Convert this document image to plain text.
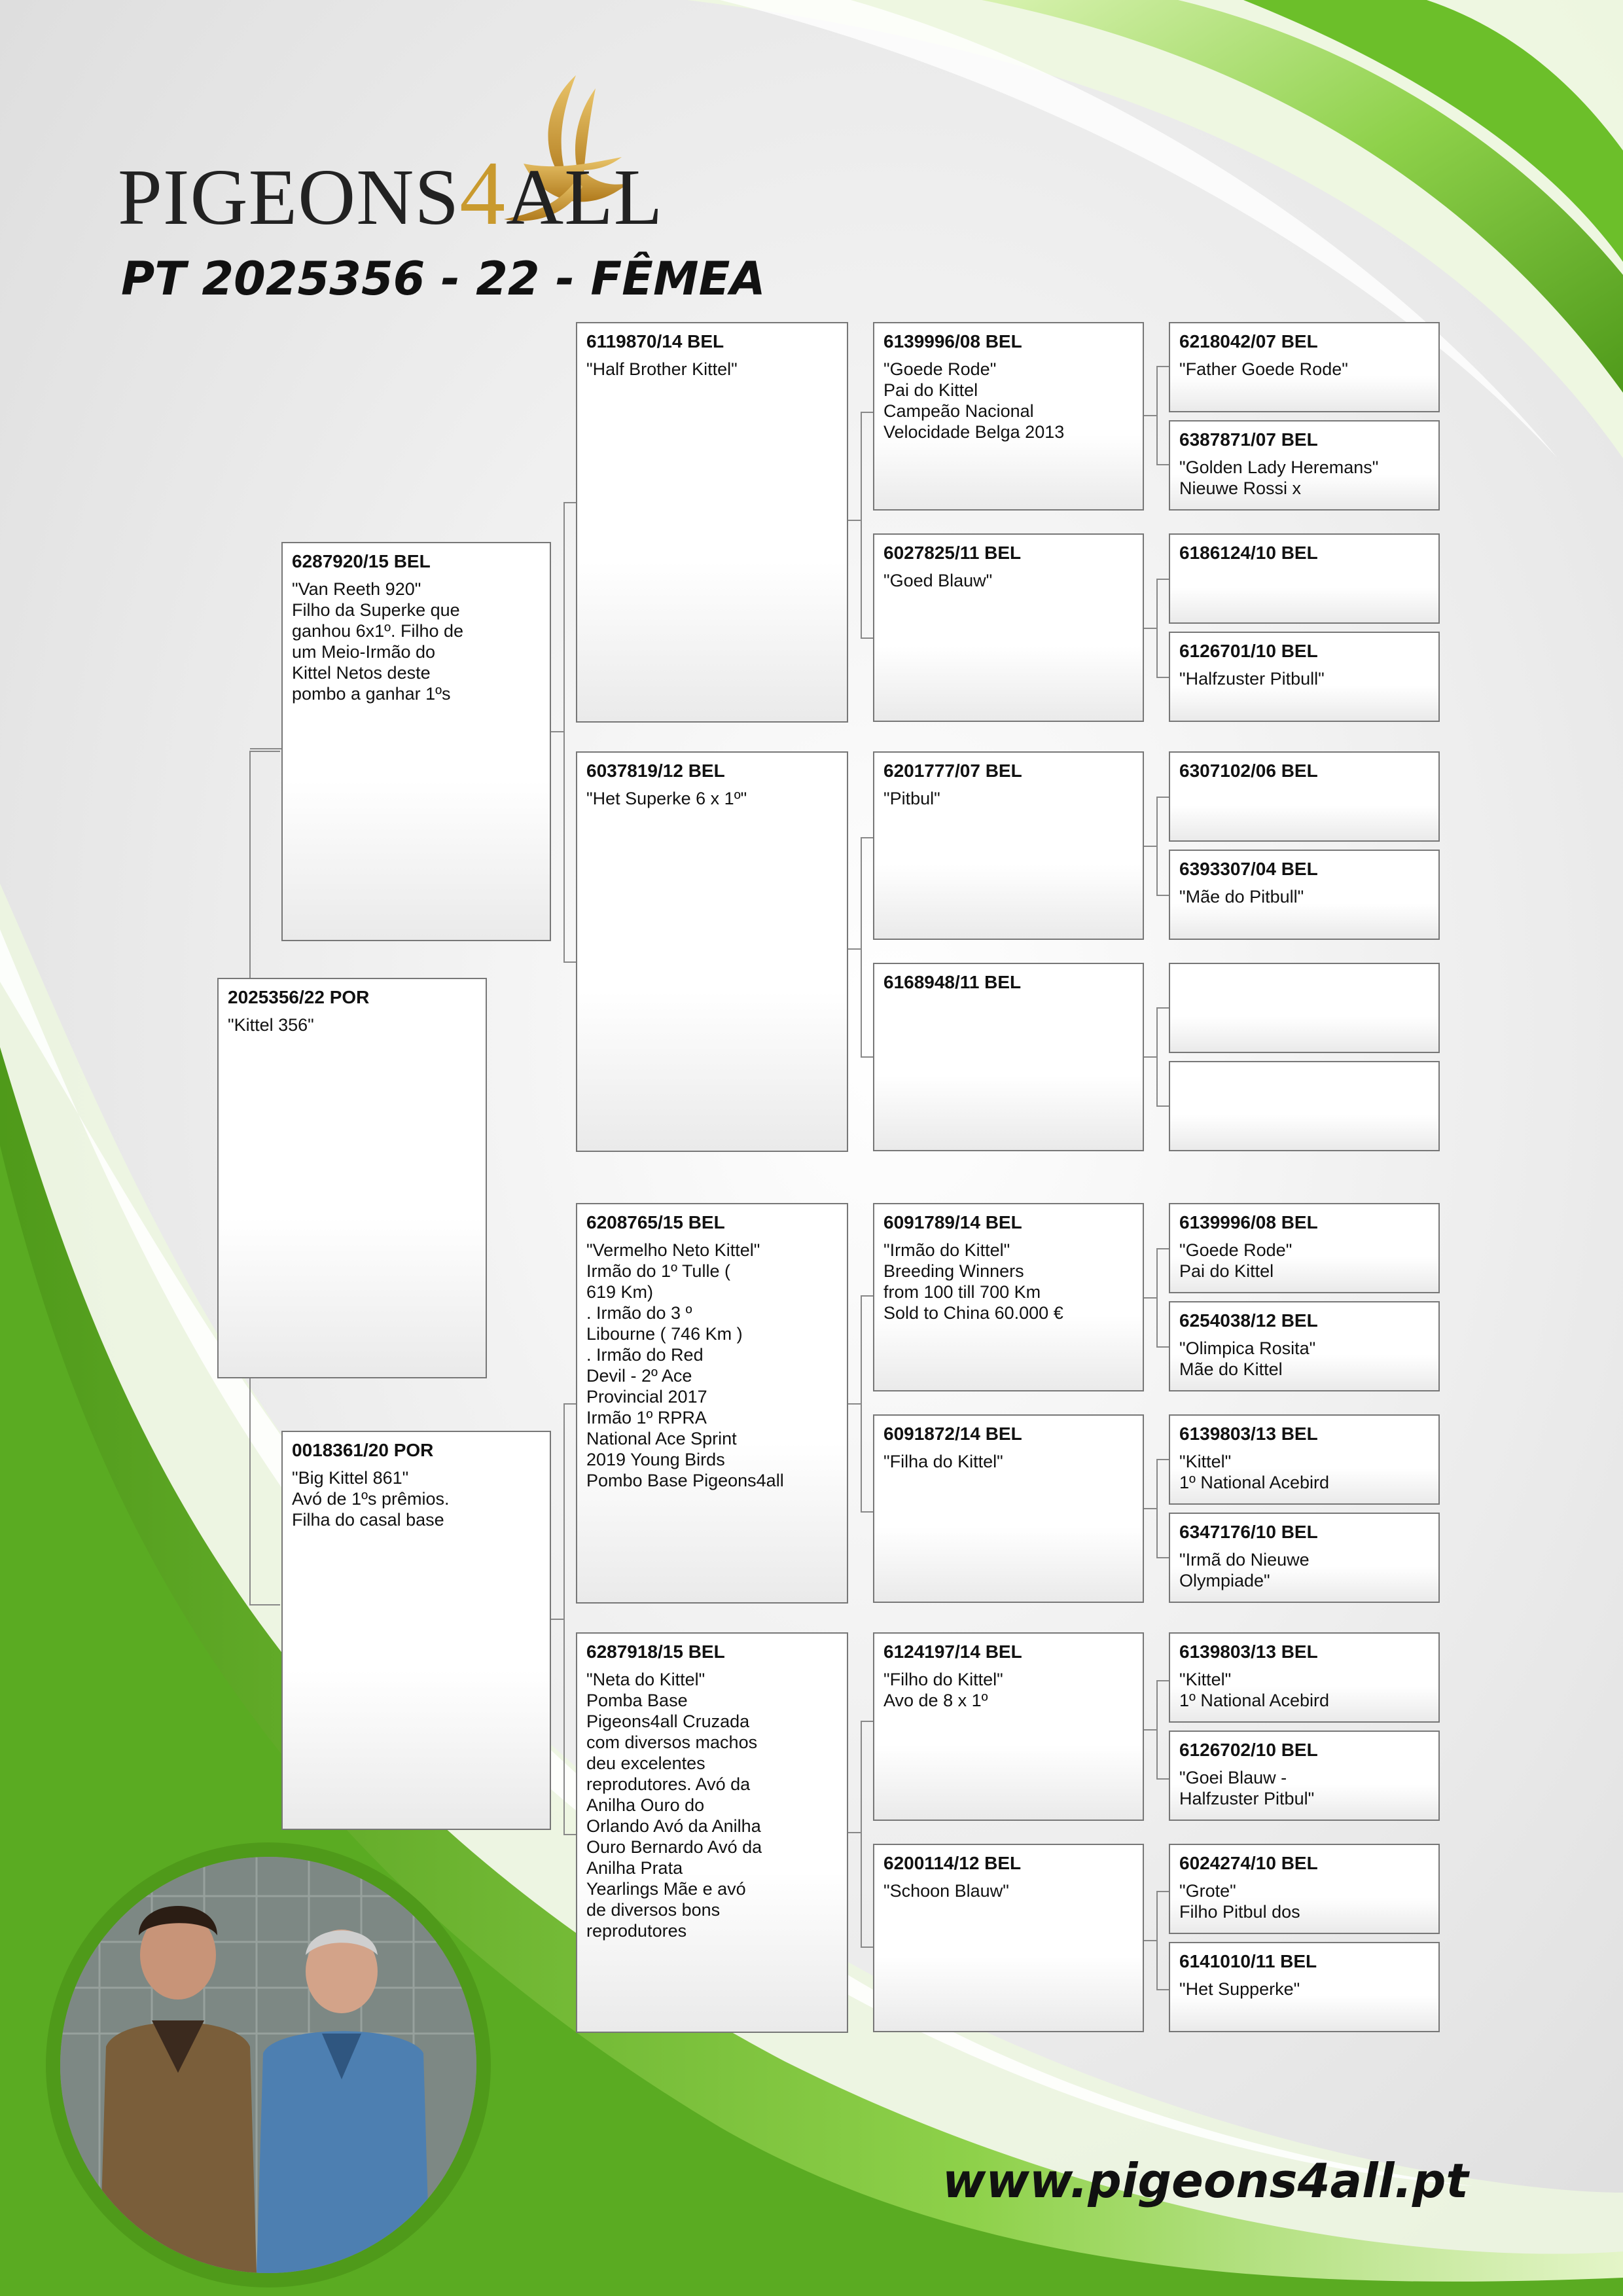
PIGEONS4ALL
PT 2025356 - 22 - FÊMEA
2025356/22 POR
"Kittel 356"
6287920/15 BEL
"Van Reeth 920"
Filho da Superke que
ganhou 6x1º. Filho de
um Meio-Irmão do
Kittel Netos deste
pombo a ganhar 1ºs
0018361/20 POR
"Big Kittel 861"
Avó de 1ºs prêmios.
Filha do casal base
6119870/14 BEL
"Half Brother Kittel"
6037819/12 BEL
"Het Superke 6 x 1º"
6208765/15 BEL
"Vermelho Neto Kittel"
Irmão do 1º Tulle (
619 Km)
. Irmão do 3 º
Libourne ( 746 Km )
. Irmão do Red
Devil - 2º Ace
Provincial 2017
Irmão 1º RPRA
National Ace Sprint
2019 Young Birds
Pombo Base Pigeons4all
6287918/15 BEL
"Neta do Kittel"
Pomba Base
Pigeons4all Cruzada
com diversos machos
deu excelentes
reprodutores. Avó da
Anilha Ouro do
Orlando Avó da Anilha
Ouro Bernardo Avó da
Anilha Prata
Yearlings Mãe e avó
de diversos bons
reprodutores
6139996/08 BEL
"Goede Rode"
Pai do Kittel
Campeão Nacional
Velocidade Belga 2013
6027825/11 BEL
"Goed Blauw"
6201777/07 BEL
"Pitbul"
6168948/11 BEL
6091789/14 BEL
"Irmão do Kittel"
Breeding Winners
from 100 till 700 Km
Sold to China 60.000 €
6091872/14 BEL
"Filha do Kittel"
6124197/14 BEL
"Filho do Kittel"
Avo de 8 x 1º
6200114/12 BEL
"Schoon Blauw"
6218042/07 BEL
"Father Goede Rode"
6387871/07 BEL
"Golden Lady Heremans"
Nieuwe Rossi x
6186124/10 BEL
6126701/10 BEL
"Halfzuster Pitbull"
6307102/06 BEL
6393307/04 BEL
"Mãe do Pitbull"
6139996/08 BEL
"Goede Rode"
Pai do Kittel
6254038/12 BEL
"Olimpica Rosita"
Mãe do Kittel
6139803/13 BEL
"Kittel"
1º National Acebird
6347176/10 BEL
"Irmã do Nieuwe
Olympiade"
6139803/13 BEL
"Kittel"
1º National Acebird
6126702/10 BEL
"Goei Blauw -
Halfzuster Pitbul"
6024274/10 BEL
"Grote"
Filho Pitbul dos
6141010/11 BEL
"Het Supperke"
www.pigeons4all.pt
